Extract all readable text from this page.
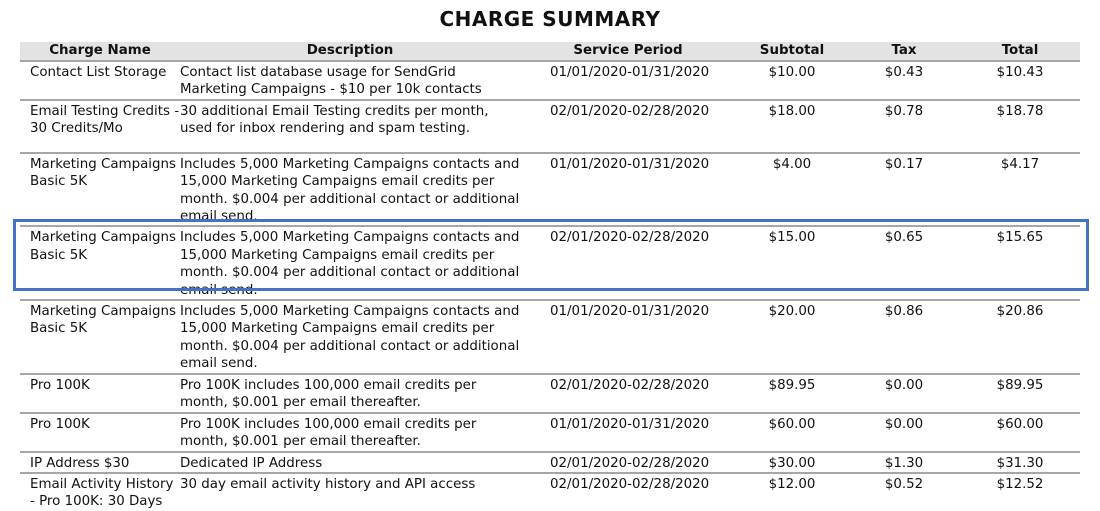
CHARGE SUMMARY
Charge Name	Description	Service Period	Subtotal	Tax	Total
Contact List Storage	Contact list database usage for SendGrid Marketing Campaigns - $10 per 10k contacts	01/01/2020-01/31/2020	$10.00	$0.43	$10.43
Email Testing Credits - 30 Credits/Mo	30 additional Email Testing credits per month, used for inbox rendering and spam testing.	02/01/2020-02/28/2020	$18.00	$0.78	$18.78
Marketing Campaigns Basic 5K	Includes 5,000 Marketing Campaigns contacts and 15,000 Marketing Campaigns email credits per month. $0.004 per additional contact or additional email send.	01/01/2020-01/31/2020	$4.00	$0.17	$4.17
Marketing Campaigns Basic 5K	Includes 5,000 Marketing Campaigns contacts and 15,000 Marketing Campaigns email credits per month. $0.004 per additional contact or additional email send.	02/01/2020-02/28/2020	$15.00	$0.65	$15.65
Marketing Campaigns Basic 5K	Includes 5,000 Marketing Campaigns contacts and 15,000 Marketing Campaigns email credits per month. $0.004 per additional contact or additional email send.	01/01/2020-01/31/2020	$20.00	$0.86	$20.86
Pro 100K	Pro 100K includes 100,000 email credits per month, $0.001 per email thereafter.	02/01/2020-02/28/2020	$89.95	$0.00	$89.95
Pro 100K	Pro 100K includes 100,000 email credits per month, $0.001 per email thereafter.	01/01/2020-01/31/2020	$60.00	$0.00	$60.00
IP Address $30	Dedicated IP Address	02/01/2020-02/28/2020	$30.00	$1.30	$31.30
Email Activity History - Pro 100K: 30 Days	30 day email activity history and API access	02/01/2020-02/28/2020	$12.00	$0.52	$12.52
